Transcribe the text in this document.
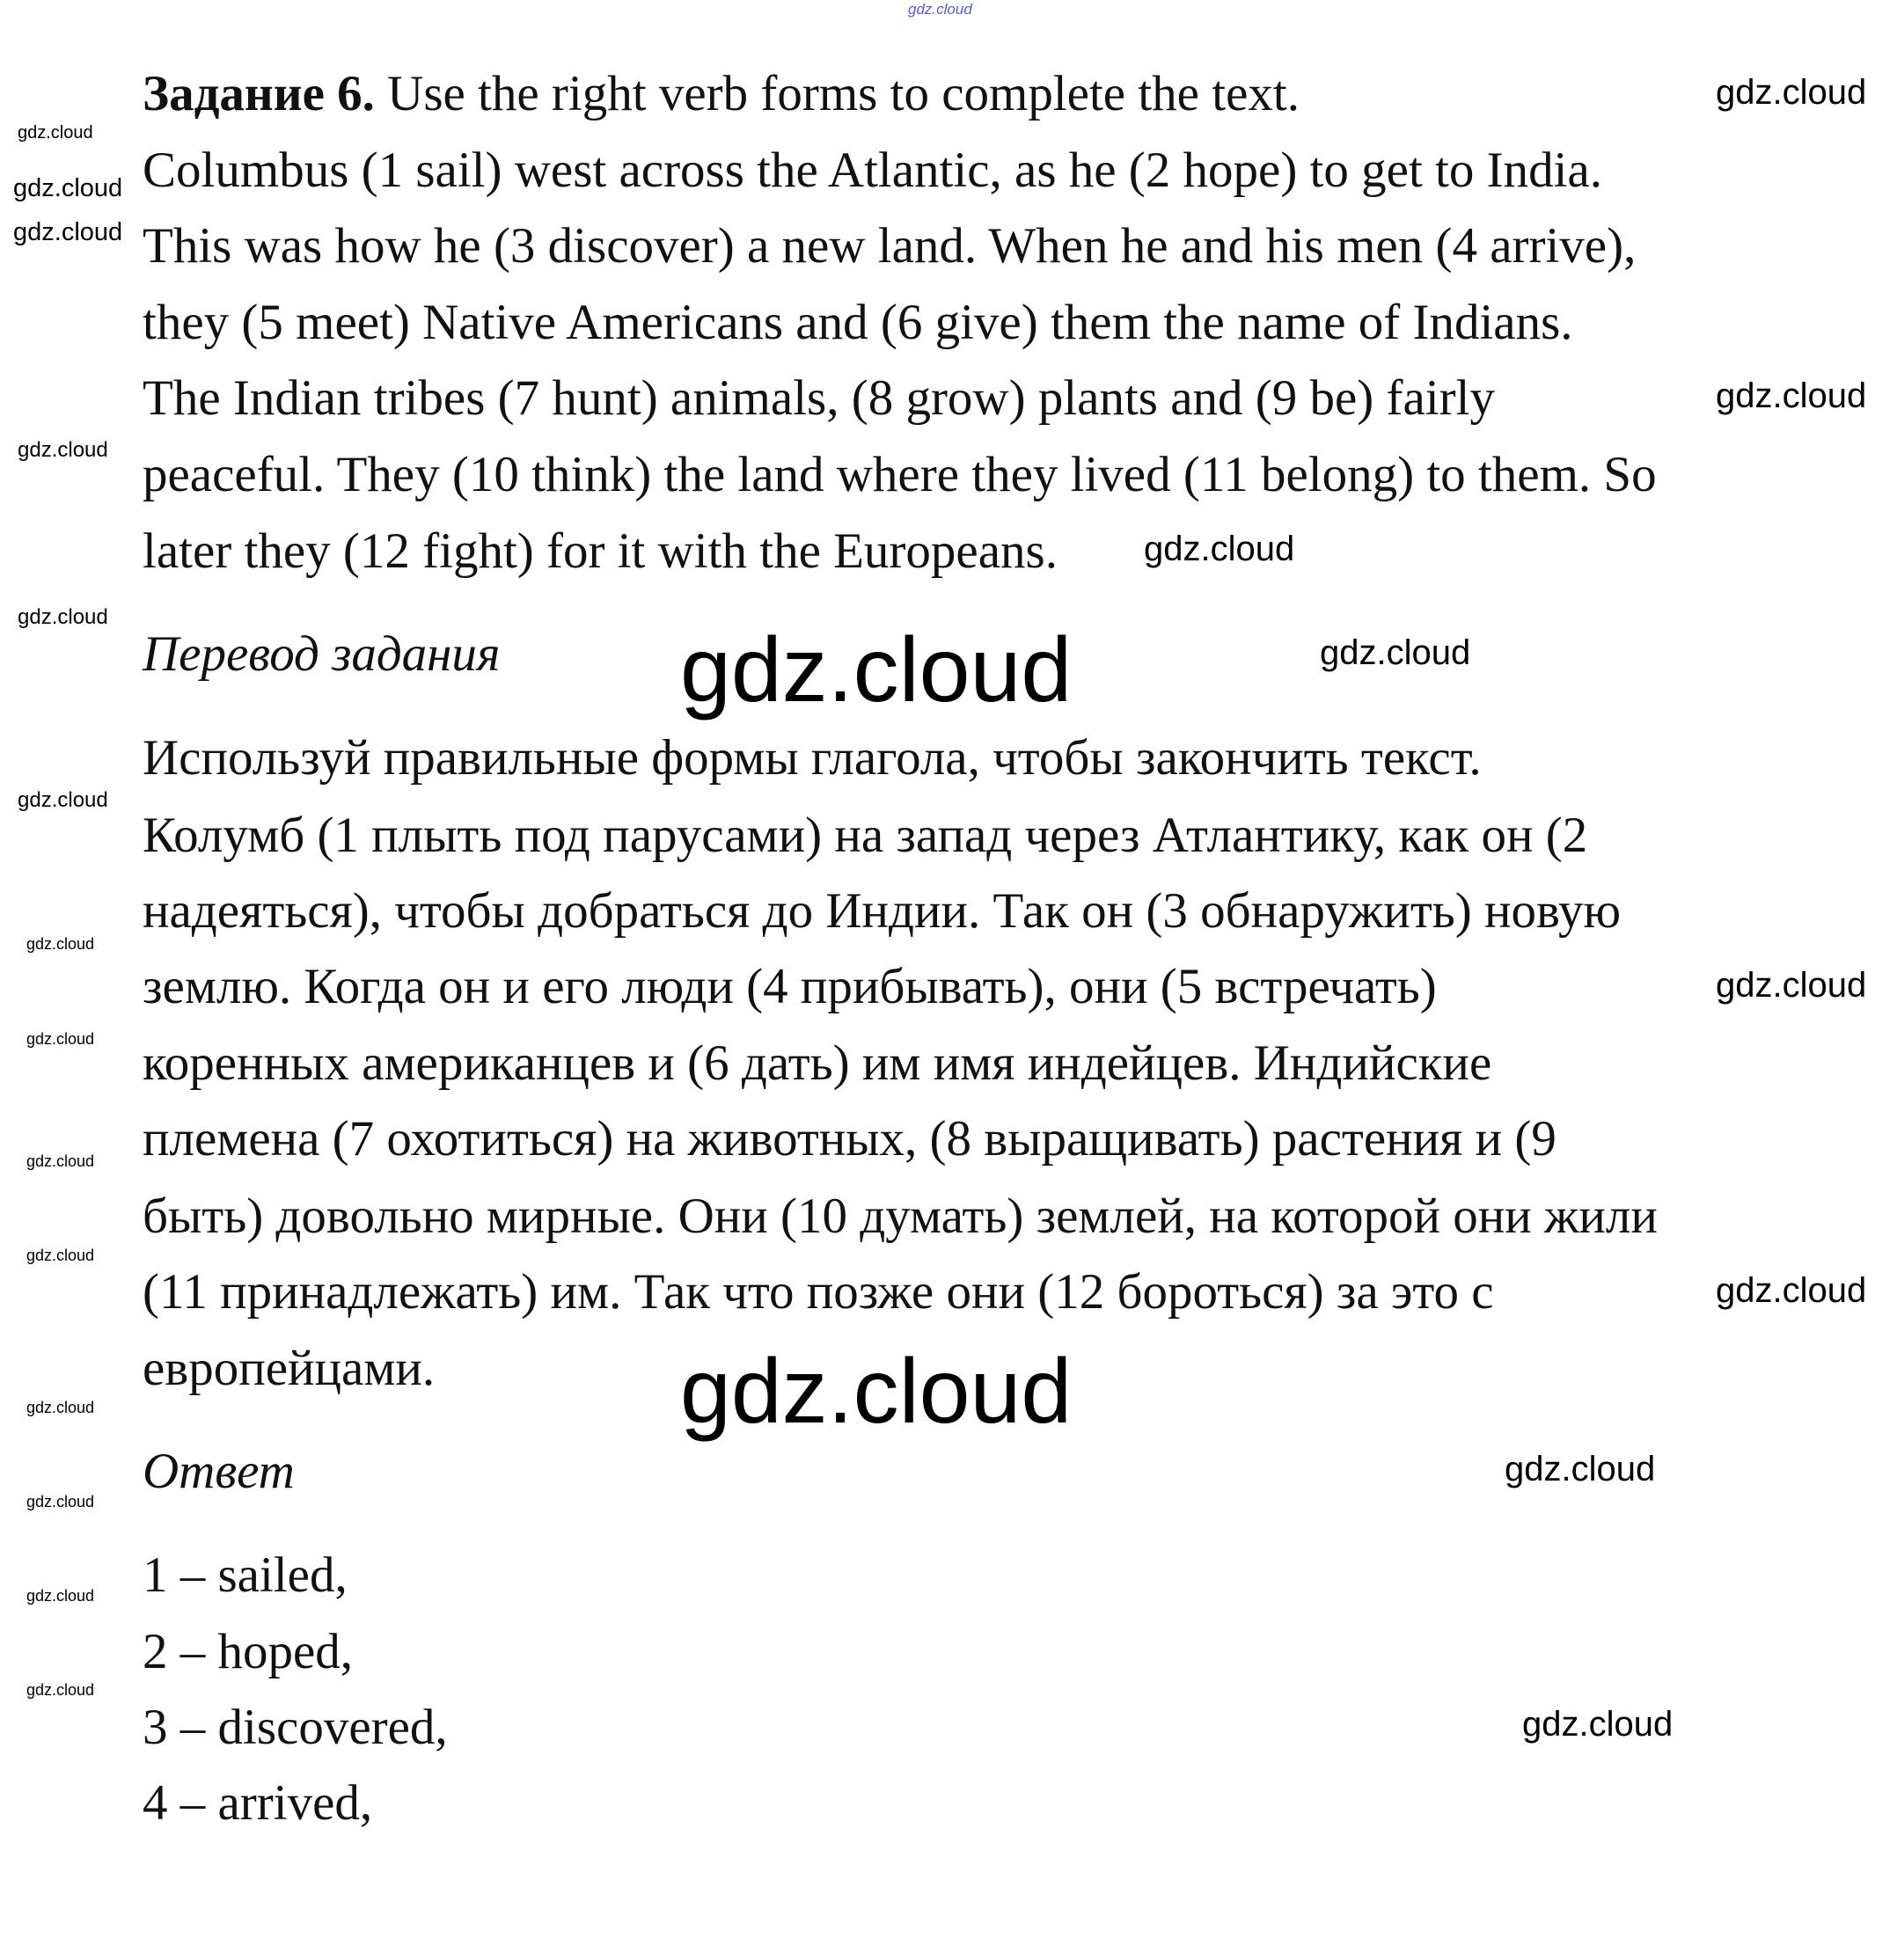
Задание 6. Use the right verb forms to complete the text.
Columbus (1 sail) west across the Atlantic, as he (2 hope) to get to India.
This was how he (3 discover) a new land. When he and his men (4 arrive),
they (5 meet) Native Americans and (6 give) them the name of Indians.
The Indian tribes (7 hunt) animals, (8 grow) plants and (9 be) fairly
peaceful. They (10 think) the land where they lived (11 belong) to them. So
later they (12 fight) for it with the Europeans.
Перевод задания
Используй правильные формы глагола, чтобы закончить текст.
Колумб (1 плыть под парусами) на запад через Атлантику, как он (2
надеяться), чтобы добраться до Индии. Так он (3 обнаружить) новую
землю. Когда он и его люди (4 прибывать), они (5 встречать)
коренных американцев и (6 дать) им имя индейцев. Индийские
племена (7 охотиться) на животных, (8 выращивать) растения и (9
быть) довольно мирные. Они (10 думать) землей, на которой они жили
(11 принадлежать) им. Так что позже они (12 бороться) за это с
европейцами.
Ответ
1 – sailed,
2 – hoped,
3 – discovered,
4 – arrived,
gdz.cloud
gdz.cloud
gdz.cloud
gdz.cloud
gdz.cloud
gdz.cloud
gdz.cloud
gdz.cloud
gdz.cloud
gdz.cloud
gdz.cloud
gdz.cloud
gdz.cloud
gdz.cloud
gdz.cloud
gdz.cloud
gdz.cloud
gdz.cloud
gdz.cloud
gdz.cloud
gdz.cloud
gdz.cloud
gdz.cloud
gdz.cloud
gdz.cloud
